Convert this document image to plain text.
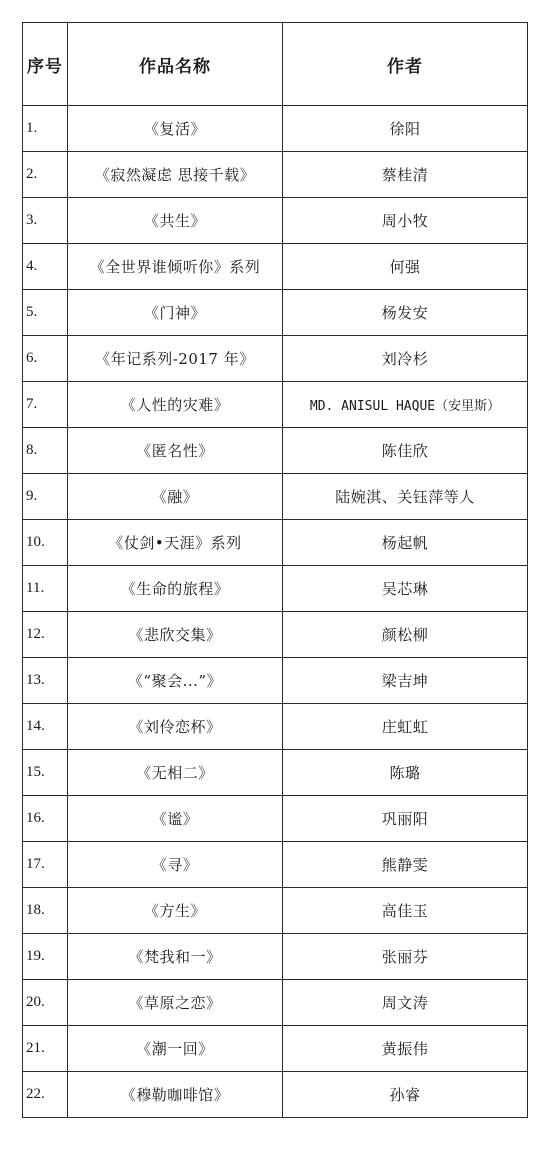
序号	作品名称	作者
1.	《复活》	徐阳
2.	《寂然凝虑 思接千载》	蔡桂清
3.	《共生》	周小牧
4.	《全世界谁倾听你》系列	何强
5.	《门神》	杨发安
6.	《年记系列-2017 年》	刘冷杉
7.	《人性的灾难》	MD. ANISUL HAQUE（安里斯）
8.	《匿名性》	陈佳欣
9.	《融》	陆婉淇、关钰萍等人
10.	《仗剑•天涯》系列	杨起帆
11.	《生命的旅程》	吴芯琳
12.	《悲欣交集》	颜松柳
13.	《“聚会...”》	梁吉坤
14.	《刘伶恋杯》	庄虹虹
15.	《无相二》	陈璐
16.	《谧》	巩丽阳
17.	《寻》	熊静雯
18.	《方生》	高佳玉
19.	《梵我和一》	张丽芬
20.	《草原之恋》	周文涛
21.	《潮一回》	黄振伟
22.	《穆勒咖啡馆》	孙睿
